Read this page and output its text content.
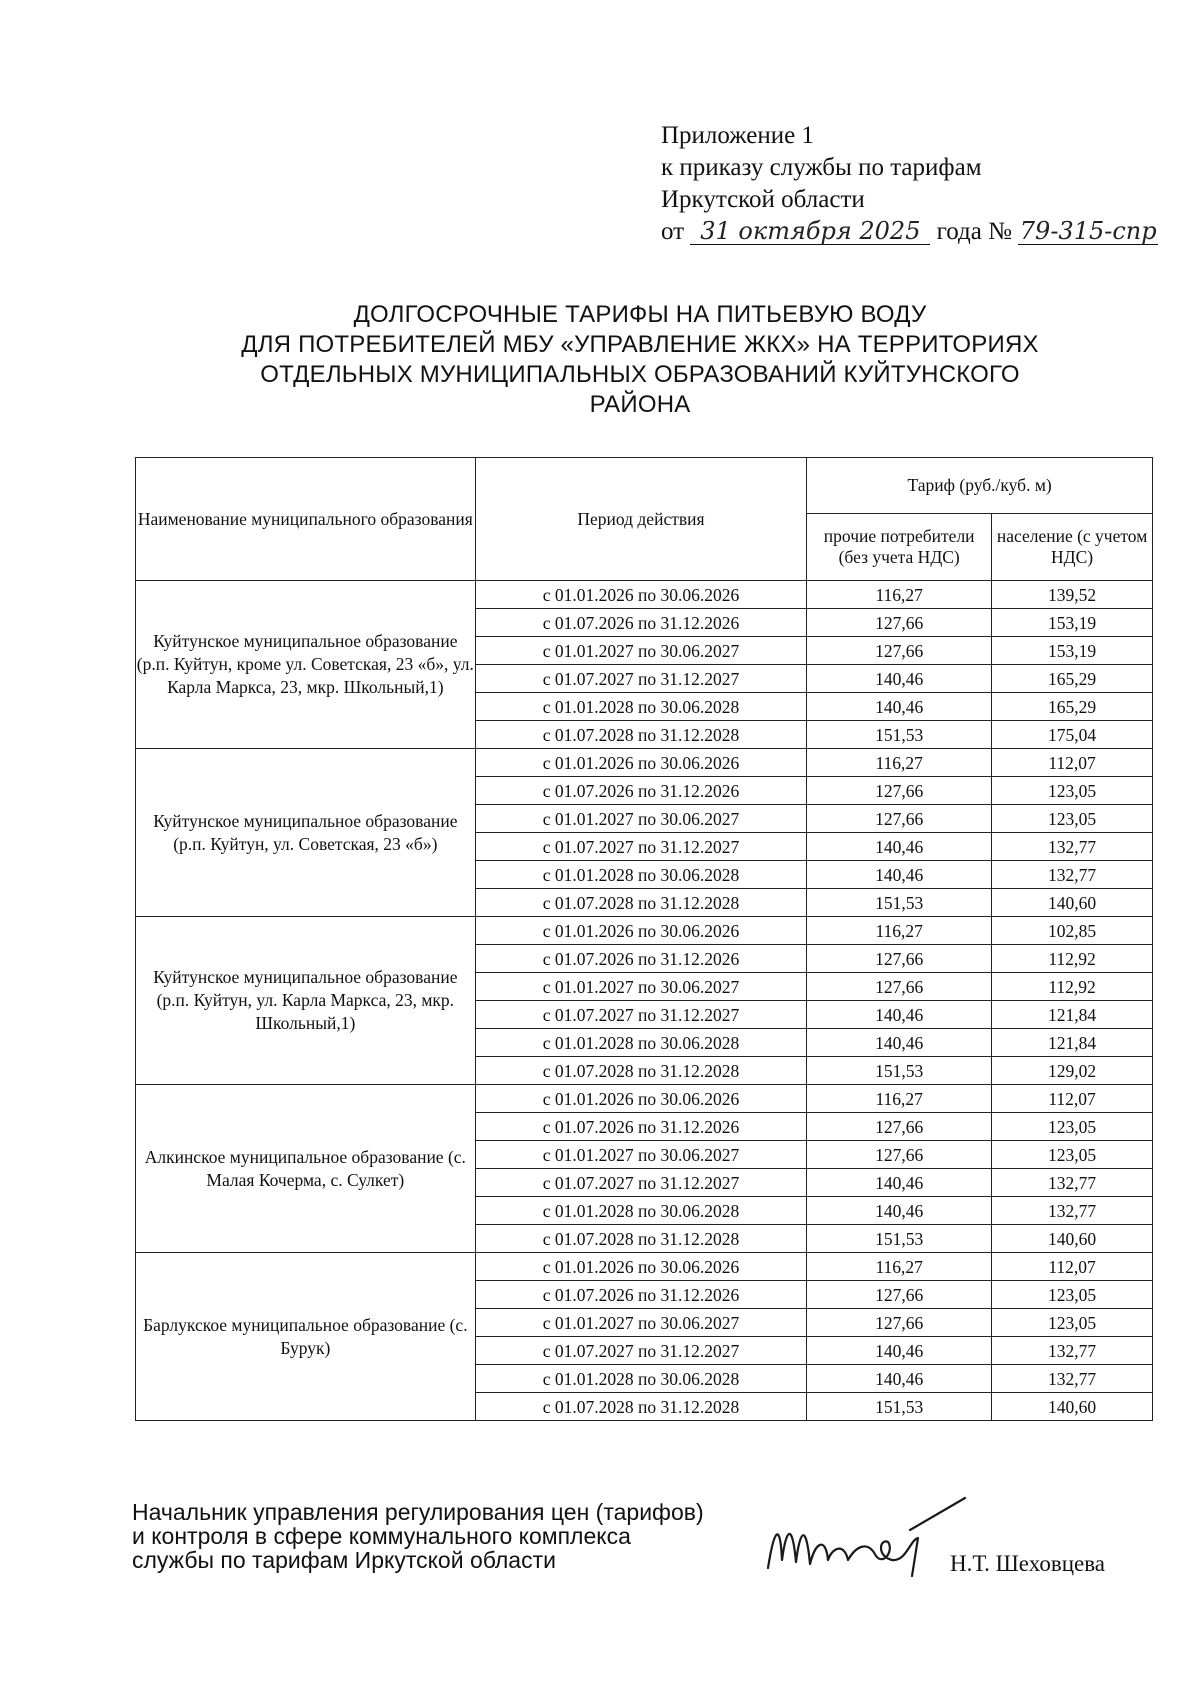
Приложение 1
к приказу службы по тарифам
Иркутской области
от 31 октября 2025 года № 79-315-спр
ДОЛГОСРОЧНЫЕ ТАРИФЫ НА ПИТЬЕВУЮ ВОДУ
ДЛЯ ПОТРЕБИТЕЛЕЙ МБУ «УПРАВЛЕНИЕ ЖКХ» НА ТЕРРИТОРИЯХ
ОТДЕЛЬНЫХ МУНИЦИПАЛЬНЫХ ОБРАЗОВАНИЙ КУЙТУНСКОГО
РАЙОНА
Наименование муниципального образования	Период действия	Тариф (руб./куб. м)	
		прочие потребители (без учета НДС)	население (с учетом НДС)
Куйтунское муниципальное образование (р.п. Куйтун, кроме ул. Советская, 23 «б», ул. Карла Маркса, 23, мкр. Школьный,1)	с 01.01.2026 по 30.06.2026	116,27	139,52
	с 01.07.2026 по 31.12.2026	127,66	153,19
	с 01.01.2027 по 30.06.2027	127,66	153,19
	с 01.07.2027 по 31.12.2027	140,46	165,29
	с 01.01.2028 по 30.06.2028	140,46	165,29
	с 01.07.2028 по 31.12.2028	151,53	175,04
Куйтунское муниципальное образование (р.п. Куйтун, ул. Советская, 23 «б»)	с 01.01.2026 по 30.06.2026	116,27	112,07
	с 01.07.2026 по 31.12.2026	127,66	123,05
	с 01.01.2027 по 30.06.2027	127,66	123,05
	с 01.07.2027 по 31.12.2027	140,46	132,77
	с 01.01.2028 по 30.06.2028	140,46	132,77
	с 01.07.2028 по 31.12.2028	151,53	140,60
Куйтунское муниципальное образование (р.п. Куйтун, ул. Карла Маркса, 23, мкр. Школьный,1)	с 01.01.2026 по 30.06.2026	116,27	102,85
	с 01.07.2026 по 31.12.2026	127,66	112,92
	с 01.01.2027 по 30.06.2027	127,66	112,92
	с 01.07.2027 по 31.12.2027	140,46	121,84
	с 01.01.2028 по 30.06.2028	140,46	121,84
	с 01.07.2028 по 31.12.2028	151,53	129,02
Алкинское муниципальное образование (с. Малая Кочерма, с. Сулкет)	с 01.01.2026 по 30.06.2026	116,27	112,07
	с 01.07.2026 по 31.12.2026	127,66	123,05
	с 01.01.2027 по 30.06.2027	127,66	123,05
	с 01.07.2027 по 31.12.2027	140,46	132,77
	с 01.01.2028 по 30.06.2028	140,46	132,77
	с 01.07.2028 по 31.12.2028	151,53	140,60
Барлукское муниципальное образование (с. Бурук)	с 01.01.2026 по 30.06.2026	116,27	112,07
	с 01.07.2026 по 31.12.2026	127,66	123,05
	с 01.01.2027 по 30.06.2027	127,66	123,05
	с 01.07.2027 по 31.12.2027	140,46	132,77
	с 01.01.2028 по 30.06.2028	140,46	132,77
	с 01.07.2028 по 31.12.2028	151,53	140,60
Начальник управления регулирования цен (тарифов)
и контроля в сфере коммунального комплекса
службы по тарифам Иркутской области	Н.Т. Шеховцева
